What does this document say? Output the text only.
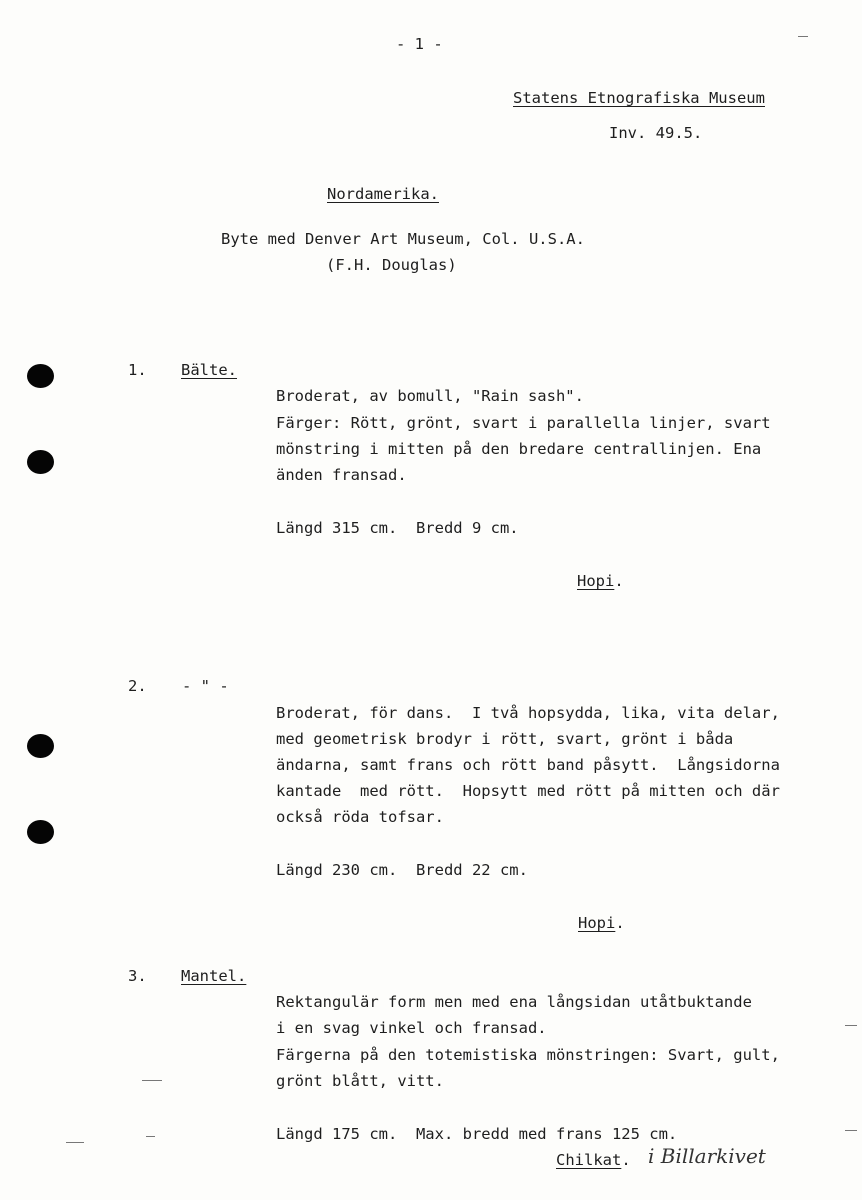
- 1 -
Statens Etnografiska Museum
Inv. 49.5.
Nordamerika.
Byte med Denver Art Museum, Col. U.S.A.
(F.H. Douglas)
1. Bälte.
Broderat, av bomull, "Rain sash".
Färger: Rött, grönt, svart i parallella linjer, svart
mönstring i mitten på den bredare centrallinjen. Ena
änden fransad.
Längd 315 cm.  Bredd 9 cm.
Hopi.
2. - " -
Broderat, för dans.  I två hopsydda, lika, vita delar,
med geometrisk brodyr i rött, svart, grönt i båda
ändarna, samt frans och rött band påsytt.  Långsidorna
kantade  med rött.  Hopsytt med rött på mitten och där
också röda tofsar.
Längd 230 cm.  Bredd 22 cm.
Hopi.
3. Mantel.
Rektangulär form men med ena långsidan utåtbuktande
i en svag vinkel och fransad.
Färgerna på den totemistiska mönstringen: Svart, gult,
grönt blått, vitt.
Längd 175 cm.  Max. bredd med frans 125 cm.
Chilkat. i Billarkivet
